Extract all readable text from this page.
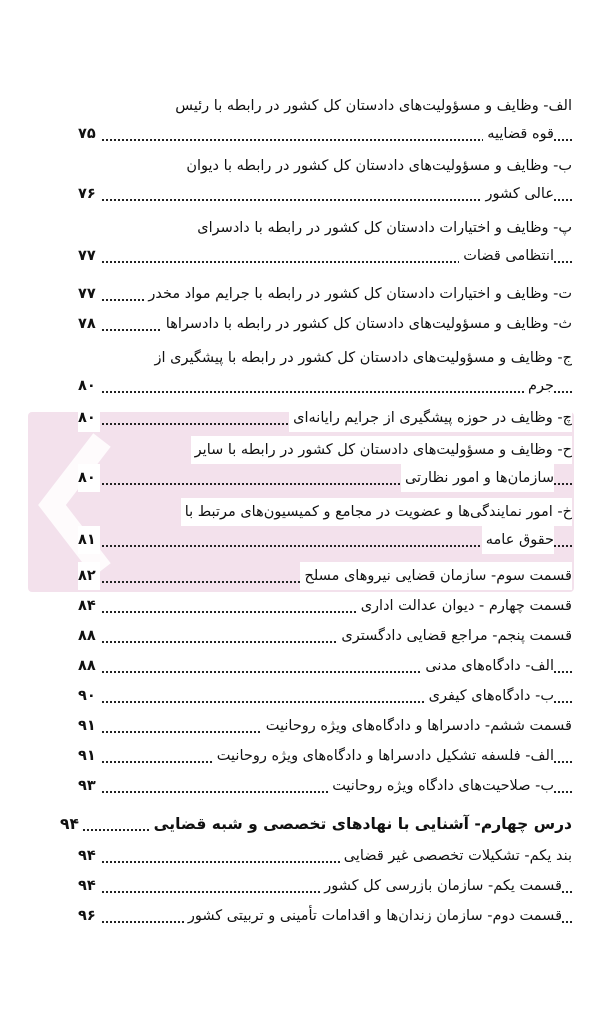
الف- وظایف و مسؤولیت‌های دادستان کل کشور در رابطه با رئیس
قوه قضاییه
۷۵
ب- وظایف و مسؤولیت‌های دادستان کل کشور در رابطه با دیوان
عالی کشور
۷۶
پ- وظایف و اختیارات دادستان کل کشور در رابطه با دادسرای
انتظامی قضات
۷۷
ت- وظایف و اختیارات دادستان کل کشور در رابطه با جرایم مواد مخدر
۷۷
ث- وظایف و مسؤولیت‌های دادستان کل کشور در رابطه با دادسراها
۷۸
ج- وظایف و مسؤولیت‌های دادستان کل کشور در رابطه با پیشگیری از
جرم
۸۰
چ- وظایف در حوزه پیشگیری از جرایم رایانه‌ای
۸۰
ح- وظایف و مسؤولیت‌های دادستان کل کشور در رابطه با سایر
سازمان‌ها و امور نظارتی
۸۰
خ- امور نمایندگی‌ها و عضویت در مجامع و کمیسیون‌های مرتبط با
حقوق عامه
۸۱
قسمت سوم- سازمان قضایی نیروهای مسلح
۸۲
قسمت چهارم - دیوان عدالت اداری
۸۴
قسمت پنجم- مراجع قضایی دادگستری
۸۸
الف- دادگاه‌های مدنی
۸۸
ب- دادگاه‌های کیفری
۹۰
قسمت ششم- دادسراها و دادگاه‌های ویژه روحانیت
۹۱
الف- فلسفه تشکیل دادسراها و دادگاه‌های ویژه روحانیت
۹۱
ب- صلاحیت‌های دادگاه ویژه روحانیت
۹۳
درس چهارم- آشنایی با نهادهای تخصصی و شبه قضایی
۹۴
بند یکم- تشکیلات تخصصی غیر قضایی
۹۴
قسمت یکم- سازمان بازرسی کل کشور
۹۴
قسمت دوم- سازمان زندان‌ها و اقدامات تأمینی و تربیتی کشور
۹۶
